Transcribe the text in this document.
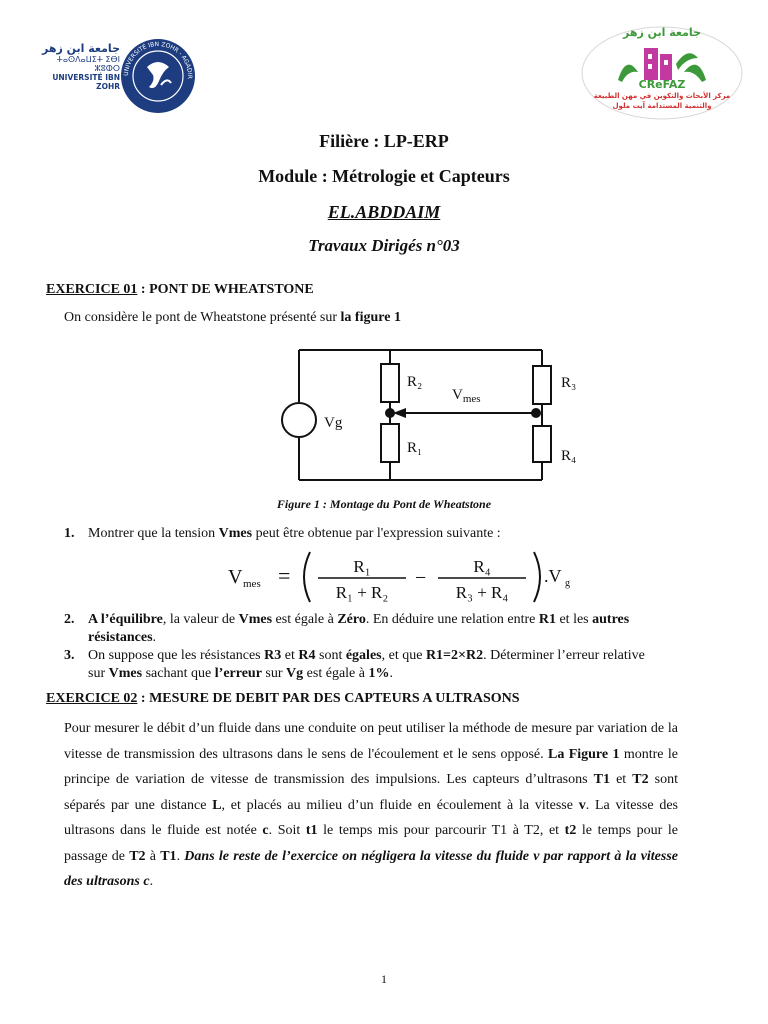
جامعة ابن زهر
ⵜⴰⵙⴷⴰⵡⵉⵜ ⵉⴱⵏ ⵣⵓⵀⵔ
UNIVERSITÉ IBN ZOHR
UNIVERSITÉ IBN ZOHR - AGADIR
جامعة ابن زهر
CReFAZ
مركز الأبحاث والتكوين في مهن الطبيعة
والتنمية المستدامة آيت ملول
Filière : LP-ERP
Module : Métrologie et Capteurs
EL.ABDDAIM
Travaux Dirigés n°03
EXERCICE 01 : PONT DE WHEATSTONE
On considère le pont de Wheatstone présenté sur la figure 1
Vg
R₂
R₁
R₃
R₄
$V_{mes}$
Figure 1 : Montage du Pont de Wheatstone
1. Montrer que la tension Vmes peut être obtenue par l'expression suivante :
V mes =	R₁
R₁ + R₂
−
R₄
R₃ + R₄
.V g
2. A l’équilibre, la valeur de Vmes est égale à Zéro. En déduire une relation entre R1 et les autres résistances.
3. On suppose que les résistances R3 et R4 sont égales, et que R1=2×R2. Déterminer l’erreur relative sur Vmes sachant que l’erreur sur Vg est égale à 1%.
EXERCICE 02 : MESURE DE DEBIT PAR DES CAPTEURS A ULTRASONS
Pour mesurer le débit d’un fluide dans une conduite on peut utiliser la méthode de mesure par variation de la vitesse de transmission des ultrasons dans le sens de l'écoulement et le sens opposé. La Figure 1 montre le principe de variation de vitesse de transmission des impulsions. Les capteurs d’ultrasons T1 et T2 sont séparés par une distance L, et placés au milieu d’un fluide en écoulement à la vitesse v. La vitesse des ultrasons dans le fluide est notée c. Soit t1 le temps mis pour parcourir T1 à T2, et t2 le temps pour le passage de T2 à T1. Dans le reste de l’exercice on négligera la vitesse du fluide v par rapport à la vitesse des ultrasons c.
1
